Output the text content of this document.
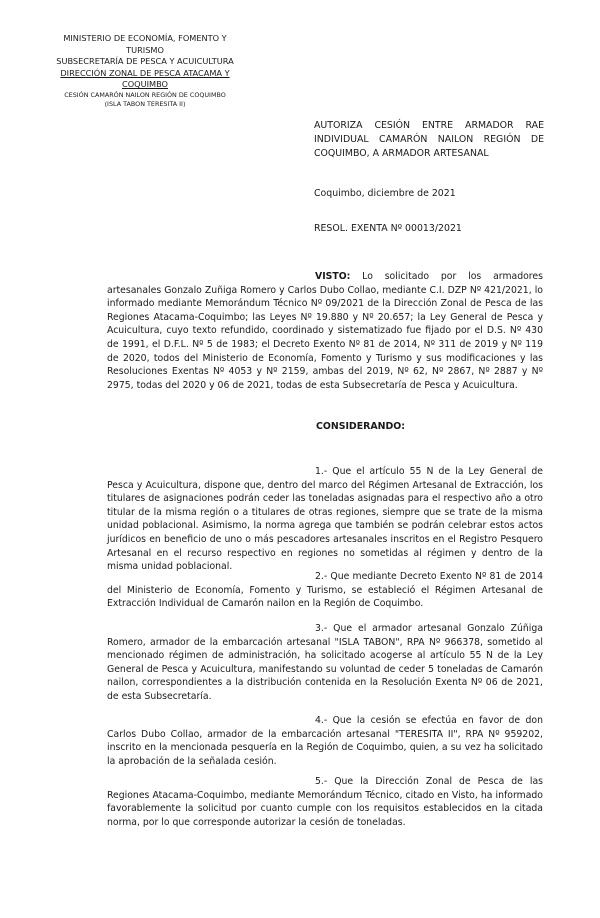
MINISTERIO DE ECONOMÍA, FOMENTO Y
TURISMO
SUBSECRETARÍA DE PESCA Y ACUICULTURA
DIRECCIÓN ZONAL DE PESCA ATACAMA Y
COQUIMBO
CESIÓN CAMARÓN NAILON REGIÓN DE COQUIMBO
(ISLA TABON TERESITA II)
AUTORIZA CESIÓN ENTRE ARMADOR RAE
INDIVIDUAL CAMARÓN NAILON REGIÓN DE
COQUIMBO, A ARMADOR ARTESANAL
Coquimbo, diciembre de 2021
RESOL. EXENTA Nº 00013/2021
VISTO: Lo solicitado por los armadores artesanales Gonzalo Zuñiga Romero y Carlos Dubo Collao, mediante C.I. DZP Nº 421/2021, lo informado mediante Memorándum Técnico Nº 09/2021 de la Dirección Zonal de Pesca de las Regiones Atacama-Coquimbo; las Leyes Nº 19.880 y Nº 20.657; la Ley General de Pesca y Acuicultura, cuyo texto refundido, coordinado y sistematizado fue fijado por el D.S. Nº 430 de 1991, el D.F.L. Nº 5 de 1983; el Decreto Exento Nº 81 de 2014, Nº 311 de 2019 y Nº 119 de 2020, todos del Ministerio de Economía, Fomento y Turismo y sus modificaciones y las Resoluciones Exentas Nº 4053 y Nº 2159, ambas del 2019, Nº 62, Nº 2867, Nº 2887 y Nº 2975, todas del 2020 y 06 de 2021, todas de esta Subsecretaría de Pesca y Acuicultura.
CONSIDERANDO:
1.- Que el artículo 55 N de la Ley General de Pesca y Acuicultura, dispone que, dentro del marco del Régimen Artesanal de Extracción, los titulares de asignaciones podrán ceder las toneladas asignadas para el respectivo año a otro titular de la misma región o a titulares de otras regiones, siempre que se trate de la misma unidad poblacional. Asimismo, la norma agrega que también se podrán celebrar estos actos jurídicos en beneficio de uno o más pescadores artesanales inscritos en el Registro Pesquero Artesanal en el recurso respectivo en regiones no sometidas al régimen y dentro de la misma unidad poblacional.
2.- Que mediante Decreto Exento Nº 81 de 2014 del Ministerio de Economía, Fomento y Turismo, se estableció el Régimen Artesanal de Extracción Individual de Camarón nailon en la Región de Coquimbo.
3.- Que el armador artesanal Gonzalo Zúñiga Romero, armador de la embarcación artesanal "ISLA TABON", RPA Nº 966378, sometido al mencionado régimen de administración, ha solicitado acogerse al artículo 55 N de la Ley General de Pesca y Acuicultura, manifestando su voluntad de ceder 5 toneladas de Camarón nailon, correspondientes a la distribución contenida en la Resolución Exenta Nº 06 de 2021, de esta Subsecretaría.
4.- Que la cesión se efectúa en favor de don Carlos Dubo Collao, armador de la embarcación artesanal "TERESITA II", RPA Nº 959202, inscrito en la mencionada pesquería en la Región de Coquimbo, quien, a su vez ha solicitado la aprobación de la señalada cesión.
5.- Que la Dirección Zonal de Pesca de las Regiones Atacama-Coquimbo, mediante Memorándum Técnico, citado en Visto, ha informado favorablemente la solicitud por cuanto cumple con los requisitos establecidos en la citada norma, por lo que corresponde autorizar la cesión de toneladas.
